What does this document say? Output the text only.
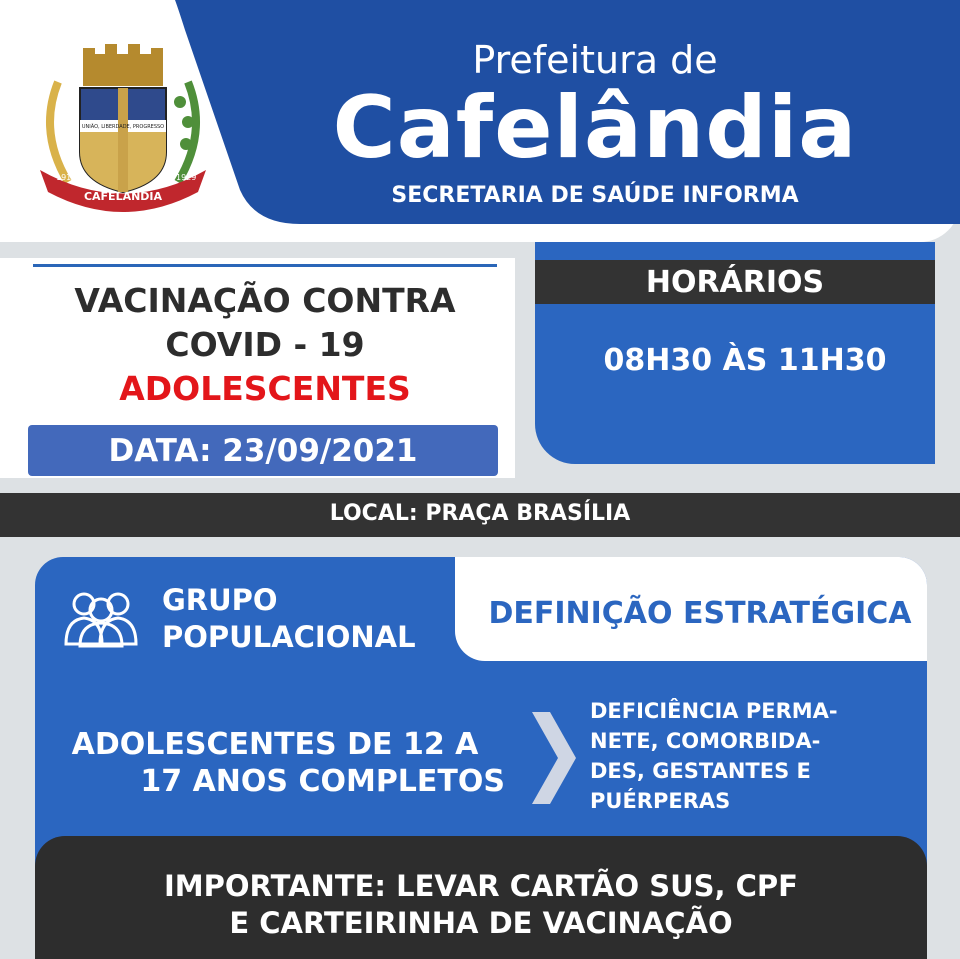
Prefeitura de
Cafelândia
SECRETARIA DE SAÚDE INFORMA
CAFELANDIA
1917	1929
UNIÃO, LIBERDADE, PROGRESSO
VACINAÇÃO CONTRA
COVID - 19
ADOLESCENTES
DATA: 23/09/2021
HORÁRIOS
08H30 ÀS 11H30
LOCAL: PRAÇA BRASÍLIA
GRUPO
POPULACIONAL
DEFINIÇÃO ESTRATÉGICA
ADOLESCENTES DE 12 A
17 ANOS COMPLETOS
DEFICIÊNCIA PERMA-
NETE, COMORBIDA-
DES, GESTANTES E
PUÉRPERAS
IMPORTANTE: LEVAR CARTÃO SUS, CPF
E CARTEIRINHA DE VACINAÇÃO
